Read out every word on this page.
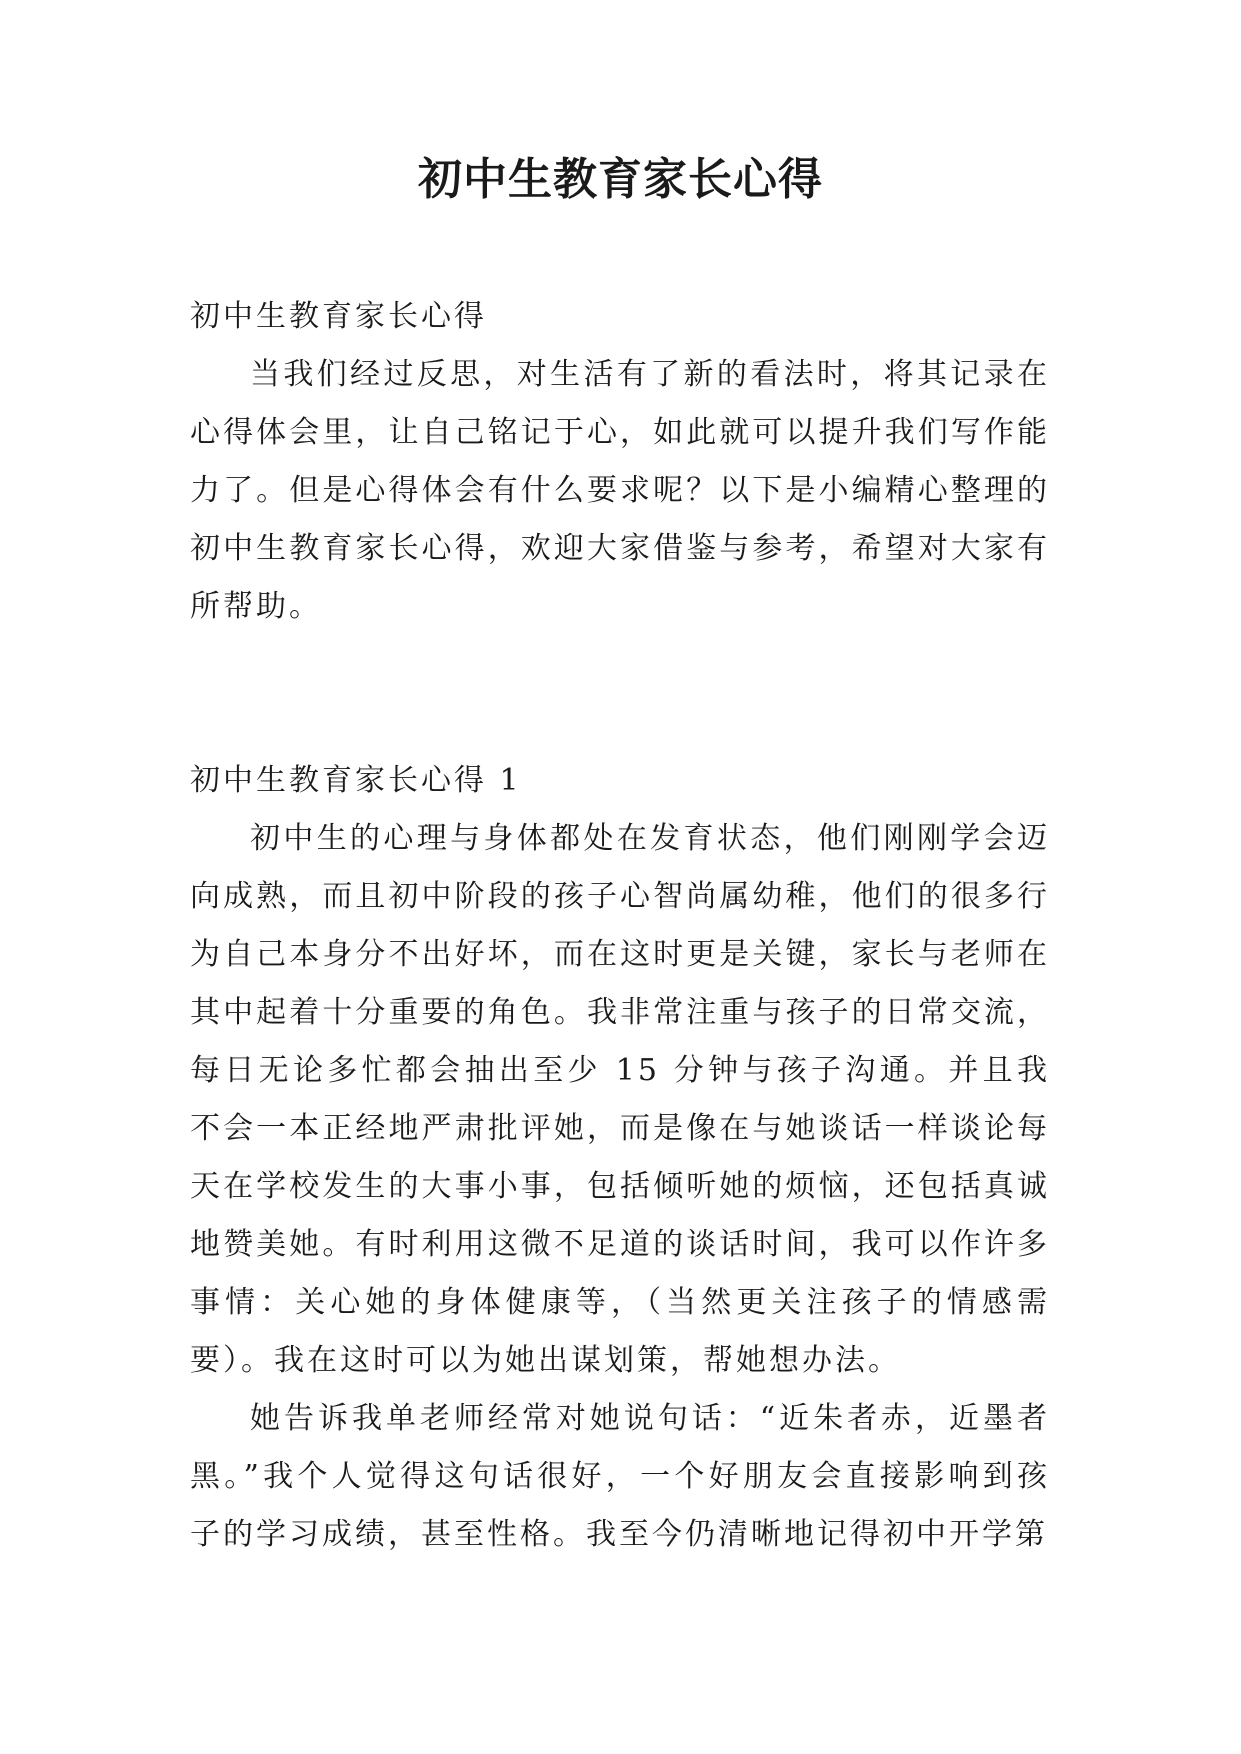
初中生教育家长心得

初中生教育家长心得

当我们经过反思，对生活有了新的看法时，将其记录在心得体会里，让自己铭记于心，如此就可以提升我们写作能力了。但是心得体会有什么要求呢？以下是小编精心整理的初中生教育家长心得，欢迎大家借鉴与参考，希望对大家有所帮助。

初中生教育家长心得 1

初中生的心理与身体都处在发育状态，他们刚刚学会迈向成熟，而且初中阶段的孩子心智尚属幼稚，他们的很多行为自己本身分不出好坏，而在这时更是关键，家长与老师在其中起着十分重要的角色。我非常注重与孩子的日常交流，每日无论多忙都会抽出至少 15 分钟与孩子沟通。并且我不会一本正经地严肃批评她，而是像在与她谈话一样谈论每天在学校发生的大事小事，包括倾听她的烦恼，还包括真诚地赞美她。有时利用这微不足道的谈话时间，我可以作许多事情：关心她的身体健康等，（当然更关注孩子的情感需要）。我在这时可以为她出谋划策，帮她想办法。

她告诉我单老师经常对她说句话：“近朱者赤，近墨者黑。”我个人觉得这句话很好，一个好朋友会直接影响到孩子的学习成绩，甚至性格。我至今仍清晰地记得初中开学第
